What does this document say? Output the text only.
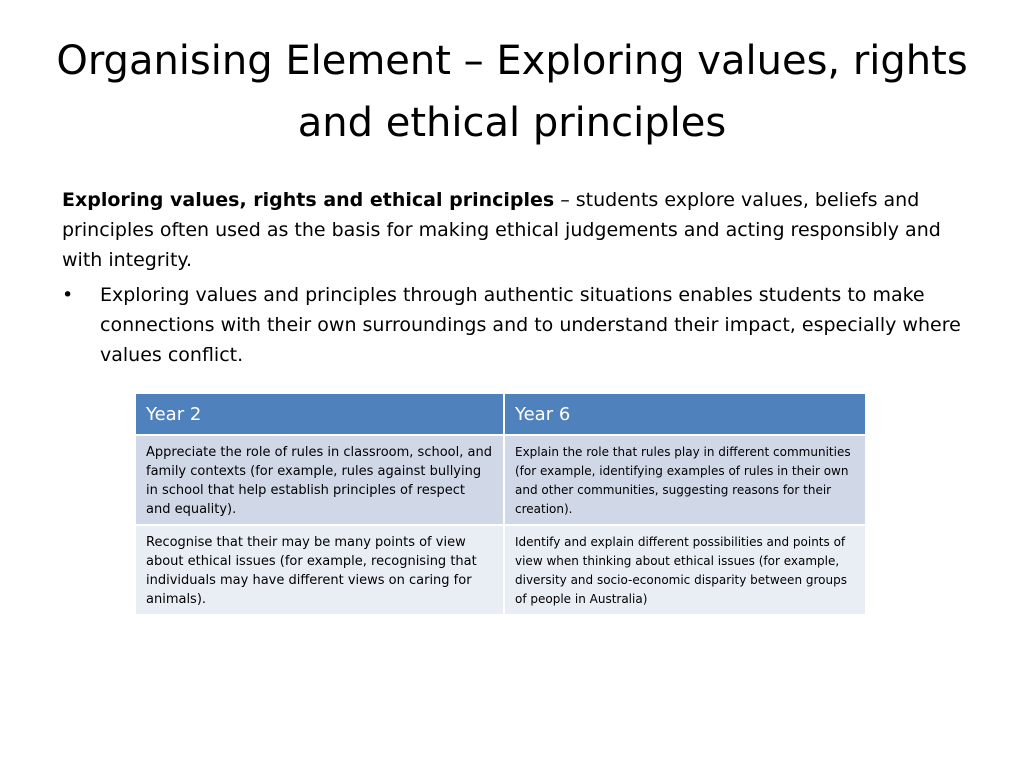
Organising Element – Exploring values, rights and ethical principles

Exploring values, rights and ethical principles – students explore values, beliefs and principles often used as the basis for making ethical judgements and acting responsibly and with integrity.

• Exploring values and principles through authentic situations enables students to make connections with their own surroundings and to understand their impact, especially where values conflict.
Year 2	Year 6
Appreciate the role of rules in classroom, school, and family contexts (for example, rules against bullying in school that help establish principles of respect and equality).	Explain the role that rules play in different communities (for example, identifying examples of rules in their own and other communities, suggesting reasons for their creation).
Recognise that their may be many points of view about ethical issues (for example, recognising that individuals may have different views on caring for animals).	Identify and explain different possibilities and points of view when thinking about ethical issues (for example, diversity and socio-economic disparity between groups of people in Australia)
